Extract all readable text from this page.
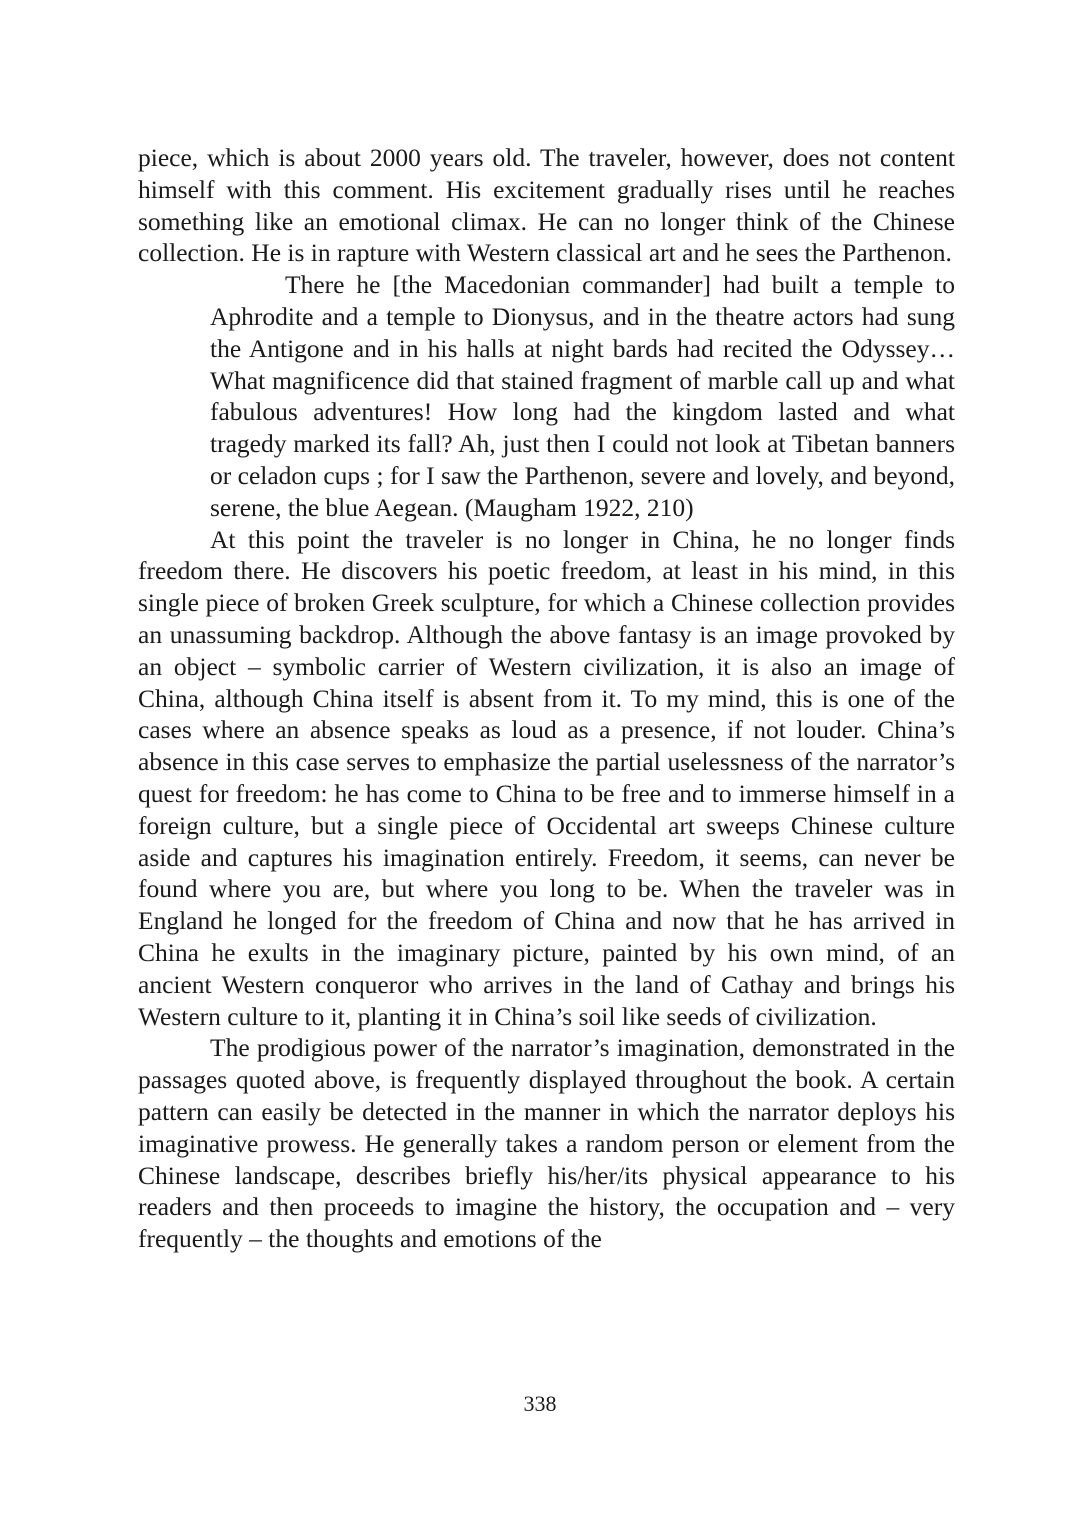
piece, which is about 2000 years old. The traveler, however, does not content himself with this comment. His excitement gradually rises until he reaches something like an emotional climax. He can no longer think of the Chinese collection. He is in rapture with Western classical art and he sees the Parthenon.

There he [the Macedonian commander] had built a temple to Aphrodite and a temple to Dionysus, and in the theatre actors had sung the Antigone and in his halls at night bards had recited the Odyssey… What magnificence did that stained fragment of marble call up and what fabulous adventures! How long had the kingdom lasted and what tragedy marked its fall? Ah, just then I could not look at Tibetan banners or celadon cups ; for I saw the Parthenon, severe and lovely, and beyond, serene, the blue Aegean. (Maugham 1922, 210)

At this point the traveler is no longer in China, he no longer finds freedom there. He discovers his poetic freedom, at least in his mind, in this single piece of broken Greek sculpture, for which a Chinese collection provides an unassuming backdrop. Although the above fantasy is an image provoked by an object – symbolic carrier of Western civilization, it is also an image of China, although China itself is absent from it. To my mind, this is one of the cases where an absence speaks as loud as a presence, if not louder. China’s absence in this case serves to emphasize the partial uselessness of the narrator’s quest for freedom: he has come to China to be free and to immerse himself in a foreign culture, but a single piece of Occidental art sweeps Chinese culture aside and captures his imagination entirely. Freedom, it seems, can never be found where you are, but where you long to be. When the traveler was in England he longed for the freedom of China and now that he has arrived in China he exults in the imaginary picture, painted by his own mind, of an ancient Western conqueror who arrives in the land of Cathay and brings his Western culture to it, planting it in China’s soil like seeds of civilization.

The prodigious power of the narrator’s imagination, demonstrated in the passages quoted above, is frequently displayed throughout the book. A certain pattern can easily be detected in the manner in which the narrator deploys his imaginative prowess. He generally takes a random person or element from the Chinese landscape, describes briefly his/her/its physical appearance to his readers and then proceeds to imagine the history, the occupation and – very frequently – the thoughts and emotions of the

338
